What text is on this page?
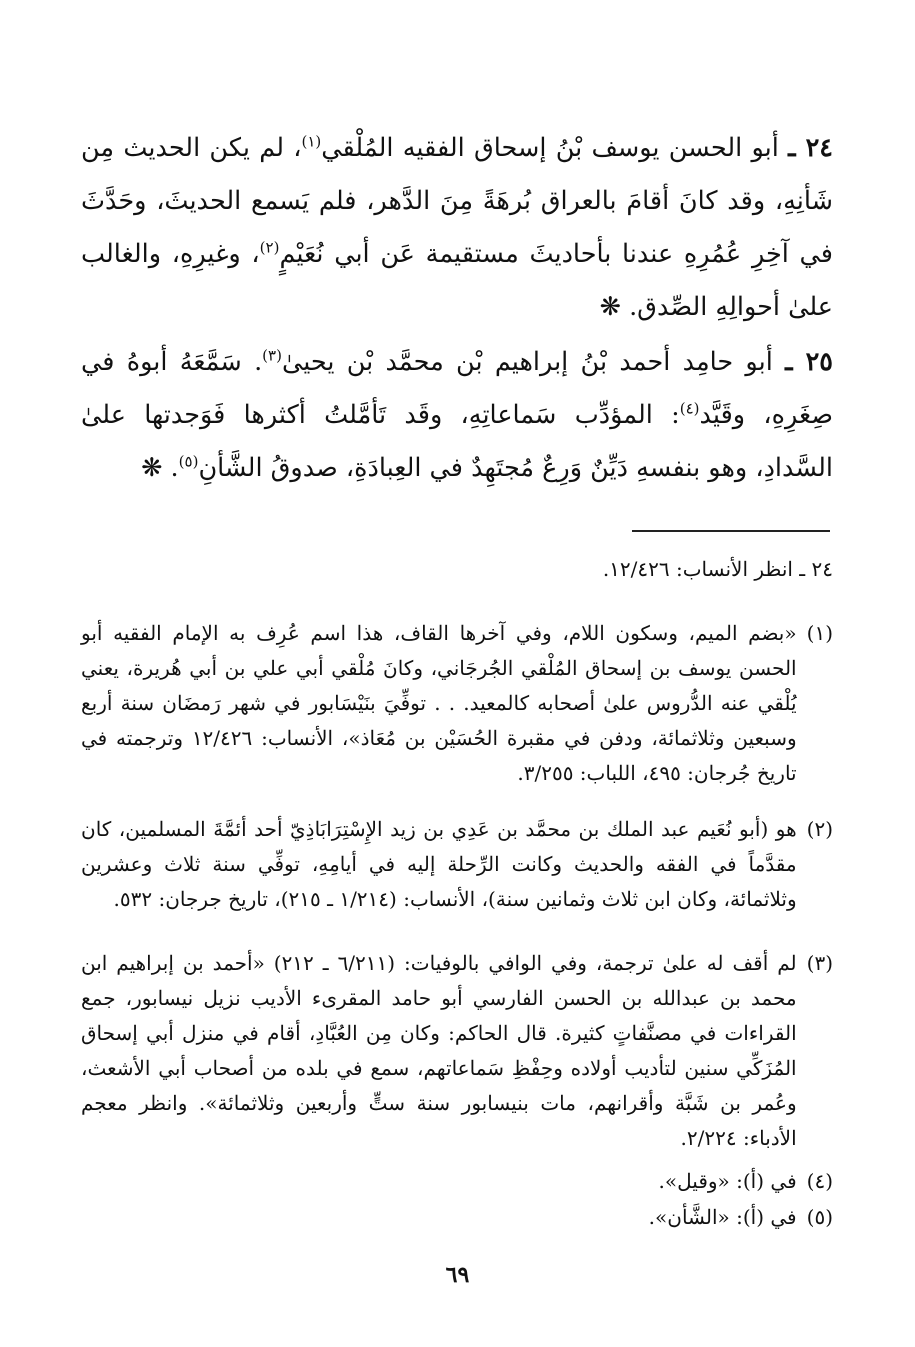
٢٤ ـ أبو الحسن يوسف بْنُ إسحاق الفقيه المُلْقي$^{(١)}$، لم يكن الحديث مِن شَأنِهِ، وقد كانَ أقامَ بالعراق بُرهَةً مِنَ الدَّهر، فلم يَسمع الحديثَ، وحَدَّثَ في آخِرِ عُمُرِهِ عندنا بأحاديثَ مستقيمة عَن أبي نُعَيْمٍ$^{(٢)}$، وغيرِهِ، والغالب علىٰ أحوالِهِ الصِّدق. ❋

٢٥ ـ أبو حامِد أحمد بْنُ إبراهيم بْن محمَّد بْن يحيىٰ$^{(٣)}$. سَمَّعَهُ أبوهُ في صِغَرِهِ، وقَيَّد$^{(٤)}$: المؤدِّب سَماعاتِهِ، وقَد تَأمَّلتُ أكثرها فَوَجدتها علىٰ السَّدادِ، وهو بنفسهِ دَيِّنٌ وَرِعٌ مُجتَهِدٌ في العِبادَةِ، صدوقُ الشَّأنِ$^{(٥)}$. ❋

٢٤ ـ انظر الأنساب: ١٢/٤٢٦.
(١)
«بضم الميم، وسكون اللام، وفي آخرها القاف، هذا اسم عُرِف به الإمام الفقيه أبو الحسن يوسف بن إسحاق المُلْقي الجُرجَاني، وكانَ مُلْقي أبي علي بن أبي هُريرة، يعني يُلْقي عنه الدُّروس علىٰ أصحابه كالمعيد. . . توفِّيَ بنَيْسَابور في شهر رَمضَان سنة أربع وسبعين وثلاثمائة، ودفن في مقبرة الحُسَيْن بن مُعَاذ»، الأنساب: ١٢/٤٢٦ وترجمته في تاريخ جُرجان: ٤٩٥، اللباب: ٣/٢٥٥.
(٢)
هو (أبو نُعَيم عبد الملك بن محمَّد بن عَدِي بن زيد الإِسْتِرَابَاذِيّ أحد أئمَّةَ المسلمين، كان مقدَّماً في الفقه والحديث وكانت الرِّحلة إليه في أيامِهِ، توفِّي سنة ثلاث وعشرين وثلاثمائة، وكان ابن ثلاث وثمانين سنة)، الأنساب: (١/٢١٤ ـ ٢١٥)، تاريخ جرجان: ٥٣٢.
(٣)
لم أقف له علىٰ ترجمة، وفي الوافي بالوفيات: (٦/٢١١ ـ ٢١٢) «أحمد بن إبراهيم ابن محمد بن عبدالله بن الحسن الفارسي أبو حامد المقرىء الأديب نزيل نيسابور، جمع القراءات في مصنَّفاتٍ كثيرة. قال الحاكم: وكان مِن العُبَّادِ، أقام في منزل أبي إسحاق المُزَكِّي سنين لتأديب أولاده وحِفْظِ سَماعاتهم، سمع في بلده من أصحاب أبي الأشعث، وعُمر بن شَبَّة وأقرانهم، مات بنيسابور سنة ستٍّ وأربعين وثلاثمائة». وانظر معجم الأدباء: ٢/٢٢٤.
(٤)
في (أ): «وقيل».
(٥)
في (أ): «الشَّأن».
٦٩
